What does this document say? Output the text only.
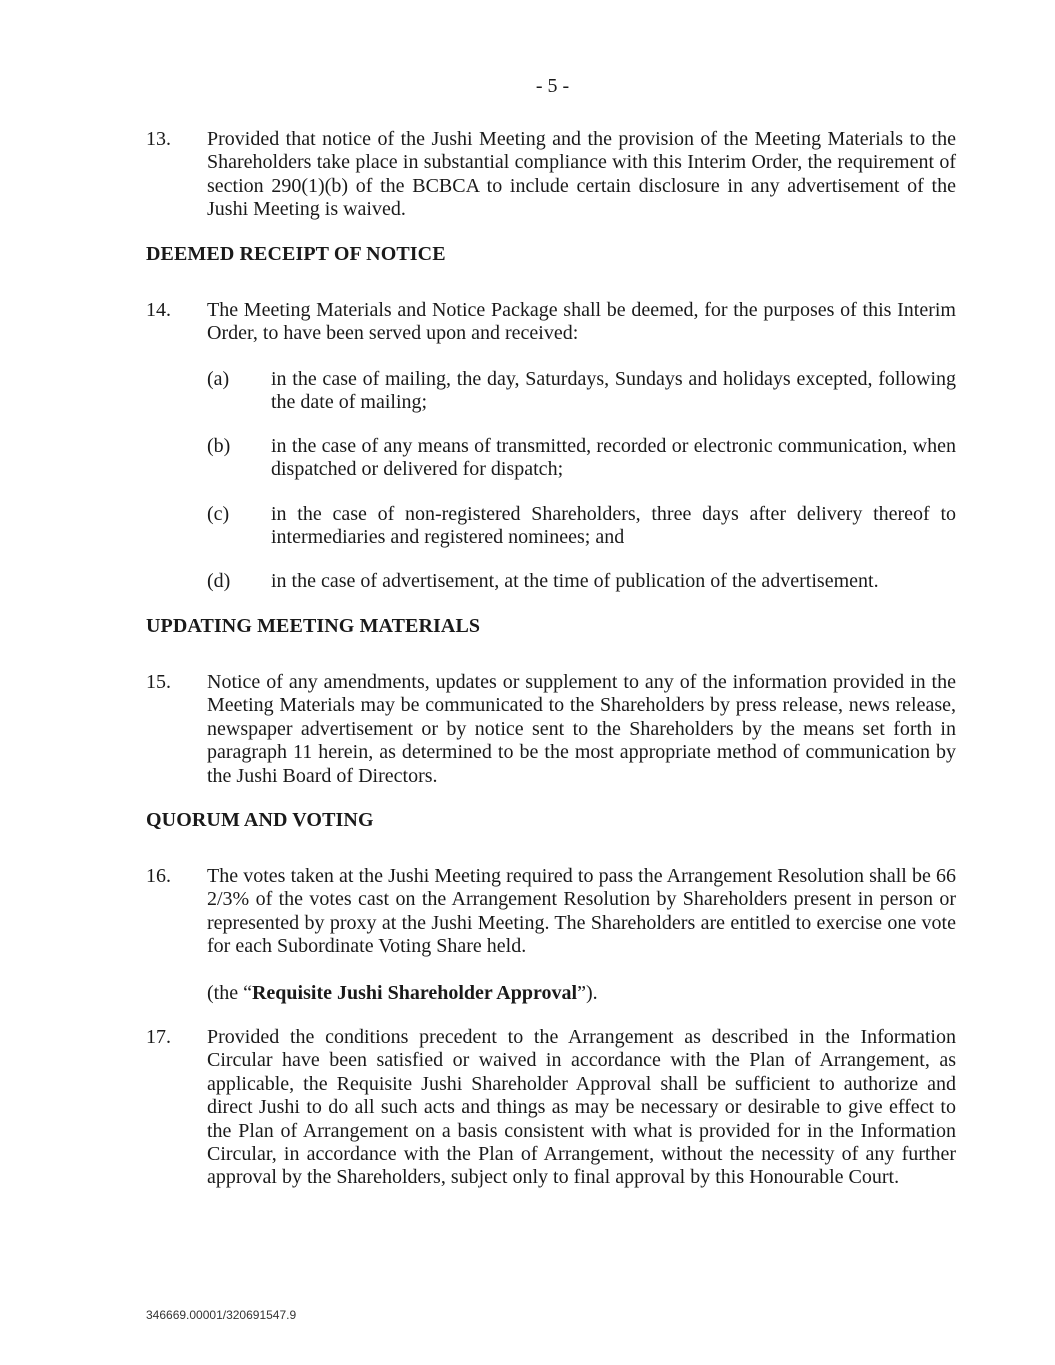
- 5 -
13.	Provided that notice of the Jushi Meeting and the provision of the Meeting Materials to the Shareholders take place in substantial compliance with this Interim Order, the requirement of section 290(1)(b) of the BCBCA to include certain disclosure in any advertisement of the Jushi Meeting is waived.
DEEMED RECEIPT OF NOTICE
14.	The Meeting Materials and Notice Package shall be deemed, for the purposes of this Interim Order, to have been served upon and received:
(a)	in the case of mailing, the day, Saturdays, Sundays and holidays excepted, following the date of mailing;
(b)	in the case of any means of transmitted, recorded or electronic communication, when dispatched or delivered for dispatch;
(c)	in the case of non-registered Shareholders, three days after delivery thereof to intermediaries and registered nominees; and
(d)	in the case of advertisement, at the time of publication of the advertisement.
UPDATING MEETING MATERIALS
15.	Notice of any amendments, updates or supplement to any of the information provided in the Meeting Materials may be communicated to the Shareholders by press release, news release, newspaper advertisement or by notice sent to the Shareholders by the means set forth in paragraph 11 herein, as determined to be the most appropriate method of communication by the Jushi Board of Directors.
QUORUM AND VOTING
16.	The votes taken at the Jushi Meeting required to pass the Arrangement Resolution shall be 66 2/3% of the votes cast on the Arrangement Resolution by Shareholders present in person or represented by proxy at the Jushi Meeting. The Shareholders are entitled to exercise one vote for each Subordinate Voting Share held.
(the “Requisite Jushi Shareholder Approval”).
17.	Provided the conditions precedent to the Arrangement as described in the Information Circular have been satisfied or waived in accordance with the Plan of Arrangement, as applicable, the Requisite Jushi Shareholder Approval shall be sufficient to authorize and direct Jushi to do all such acts and things as may be necessary or desirable to give effect to the Plan of Arrangement on a basis consistent with what is provided for in the Information Circular, in accordance with the Plan of Arrangement, without the necessity of any further approval by the Shareholders, subject only to final approval by this Honourable Court.
346669.00001/320691547.9
